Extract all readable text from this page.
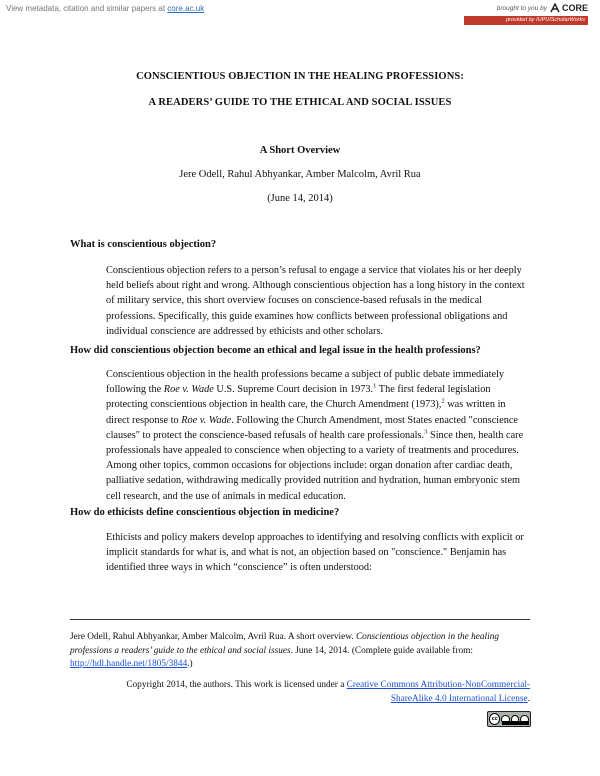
View metadata, citation and similar papers at core.ac.uk	brought to you by CORE
provided by IUPUIScholarWorks
CONSCIENTIOUS OBJECTION IN THE HEALING PROFESSIONS:
A READERS’ GUIDE TO THE ETHICAL AND SOCIAL ISSUES
A Short Overview
Jere Odell, Rahul Abhyankar, Amber Malcolm, Avril Rua
(June 14, 2014)
What is conscientious objection?

Conscientious objection refers to a person’s refusal to engage a service that violates his or her deeply held beliefs about right and wrong. Although conscientious objection has a long history in the context of military service, this short overview focuses on conscience-based refusals in the medical professions. Specifically, this guide examines how conflicts between professional obligations and individual conscience are addressed by ethicists and other scholars.

How did conscientious objection become an ethical and legal issue in the health professions?

Conscientious objection in the health professions became a subject of public debate immediately following the Roe v. Wade U.S. Supreme Court decision in 1973.$^1$ The first federal legislation protecting conscientious objection in health care, the Church Amendment (1973),$^2$ was written in direct response to Roe v. Wade. Following the Church Amendment, most States enacted "conscience clauses" to protect the conscience-based refusals of health care professionals.$^3$ Since then, health care professionals have appealed to conscience when objecting to a variety of treatments and procedures. Among other topics, common occasions for objections include: organ donation after cardiac death, palliative sedation, withdrawing medically provided nutrition and hydration, human embryonic stem cell research, and the use of animals in medical education.

How do ethicists define conscientious objection in medicine?

Ethicists and policy makers develop approaches to identifying and resolving conflicts with explicit or implicit standards for what is, and what is not, an objection based on "conscience." Benjamin has identified three ways in which “conscience” is often understood:

Jere Odell, Rahul Abhyankar, Amber Malcolm, Avril Rua. A short overview. Conscientious objection in the healing professions a readers’ guide to the ethical and social issues. June 14, 2014. (Complete guide available from: http://hdl.handle.net/1805/3844.)
Copyright 2014, the authors. This work is licensed under a Creative Commons Attribution-NonCommercial-ShareAlike 4.0 International License.
cc
